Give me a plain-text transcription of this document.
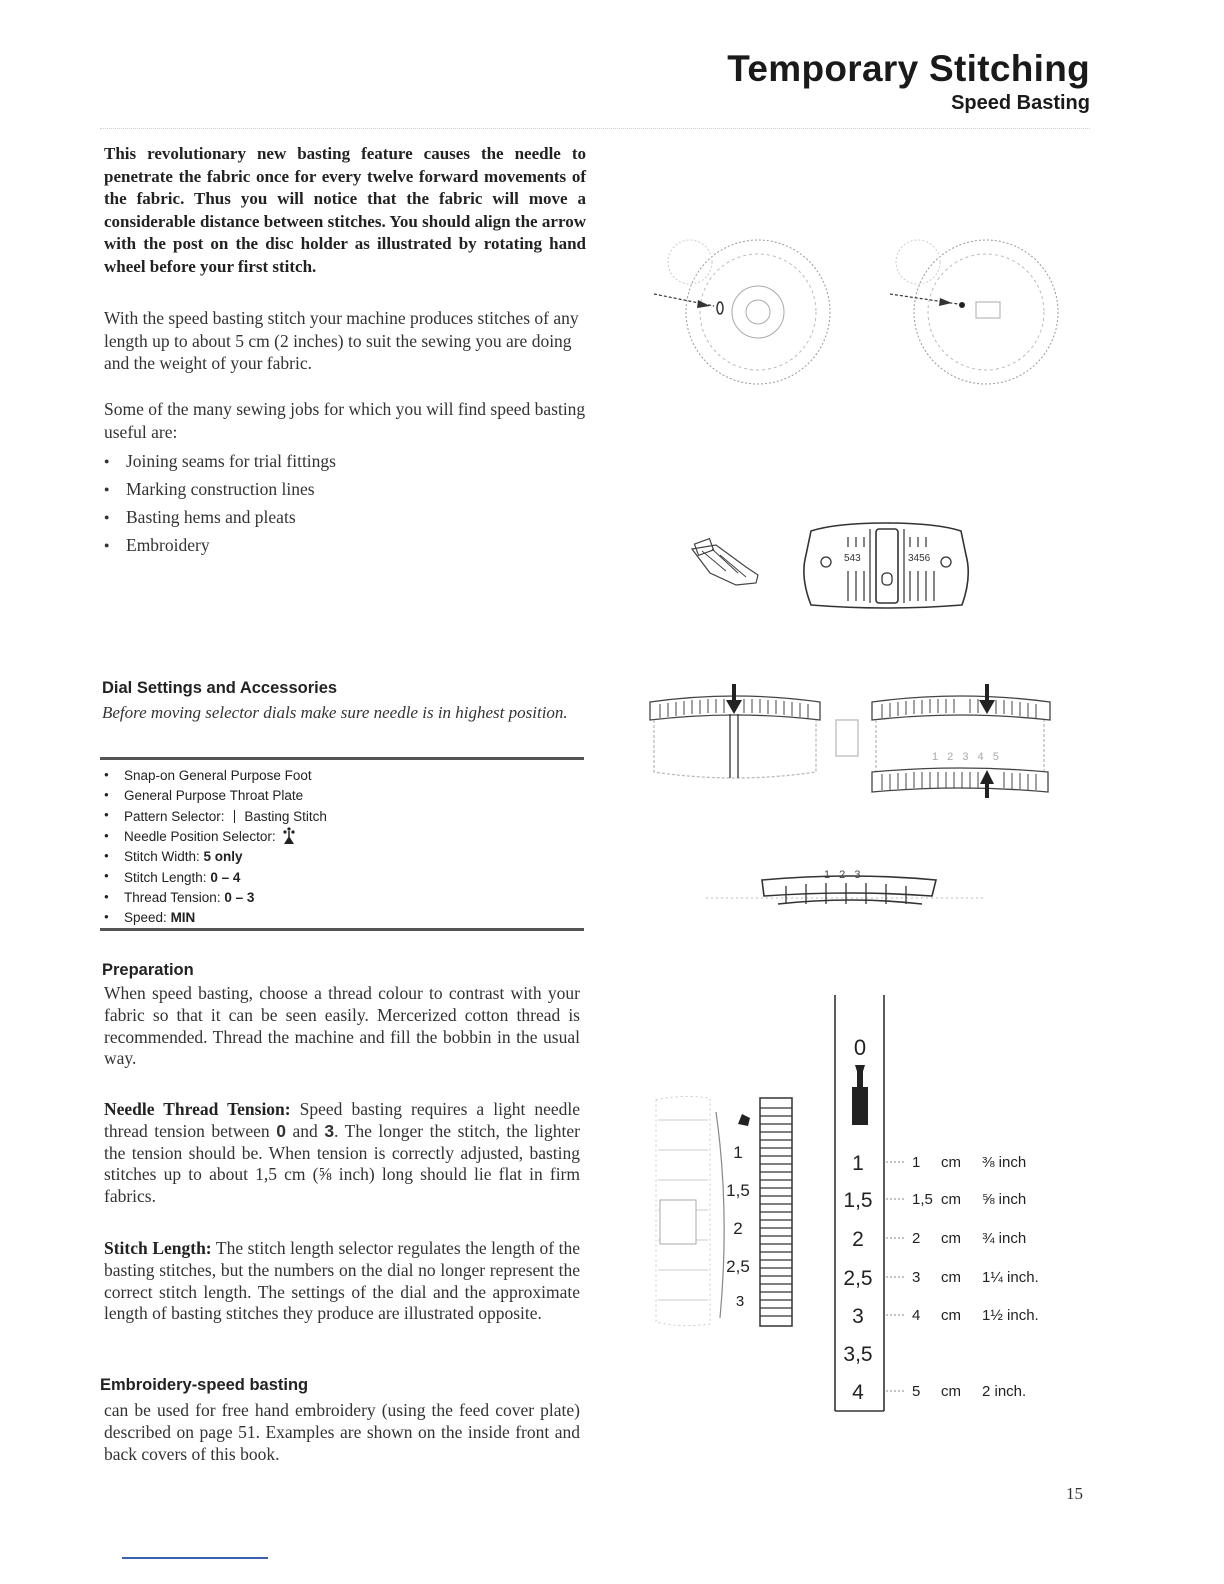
Temporary Stitching
Speed Basting
This revolutionary new basting feature causes the needle to penetrate the fabric once for every twelve forward movements of the fabric. Thus you will notice that the fabric will move a considerable distance between stitches. You should align the arrow with the post on the disc holder as illustrated by rotating hand wheel before your first stitch.
With the speed basting stitch your machine produces stitches of any length up to about 5 cm (2 inches) to suit the sewing you are doing and the weight of your fabric.
Some of the many sewing jobs for which you will find speed basting useful are:
● Joining seams for trial fittings
● Marking construction lines
● Basting hems and pleats
● Embroidery
Dial Settings and Accessories
Before moving selector dials make sure needle is in highest position.
● Snap-on General Purpose Foot
● General Purpose Throat Plate
● Pattern Selector: Basting Stitch
● Needle Position Selector:
● Stitch Width: 5 only
● Stitch Length: 0 – 4
● Thread Tension: 0 – 3
● Speed: MIN
Preparation
When speed basting, choose a thread colour to contrast with your fabric so that it can be seen easily. Mercerized cotton thread is recommended. Thread the machine and fill the bobbin in the usual way.
Needle Thread Tension: Speed basting requires a light needle thread tension between 0 and 3. The longer the stitch, the lighter the tension should be. When tension is correctly adjusted, basting stitches up to about 1,5 cm (⅝ inch) long should lie flat in firm fabrics.
Stitch Length: The stitch length selector regulates the length of the basting stitches, but the numbers on the dial no longer represent the correct stitch length. The settings of the dial and the approximate length of basting stitches they produce are illustrated opposite.
Embroidery-speed basting
can be used for free hand embroidery (using the feed cover plate) described on page 51. Examples are shown on the inside front and back covers of this book.
543	3456
1 2 3 4 5
1 2 3
1
1,5
2
2,5
3
0
1	1 cm ⅜ inch
1,5	1,5 cm ⅝ inch
2	2 cm ¾ inch
2,5	3 cm 1¼ inch.
3	4 cm 1½ inch.
3,5
4	5 cm 2 inch.
15
